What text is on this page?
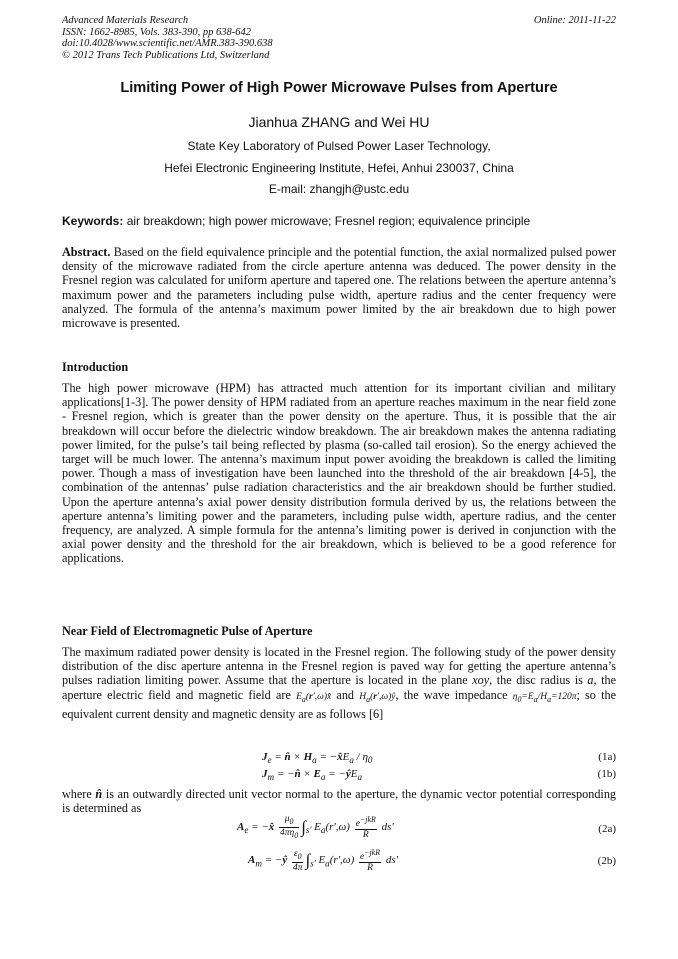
Advanced Materials Research
ISSN: 1662-8985, Vols. 383-390, pp 638-642
doi:10.4028/www.scientific.net/AMR.383-390.638
© 2012 Trans Tech Publications Ltd, Switzerland
Online: 2011-11-22
Limiting Power of High Power Microwave Pulses from Aperture
Jianhua ZHANG and Wei HU
State Key Laboratory of Pulsed Power Laser Technology,
Hefei Electronic Engineering Institute, Hefei, Anhui 230037, China
E-mail: zhangjh@ustc.edu
Keywords: air breakdown; high power microwave; Fresnel region; equivalence principle
Abstract. Based on the field equivalence principle and the potential function, the axial normalized pulsed power density of the microwave radiated from the circle aperture antenna was deduced. The power density in the Fresnel region was calculated for uniform aperture and tapered one. The relations between the aperture antenna’s maximum power and the parameters including pulse width, aperture radius and the center frequency were analyzed. The formula of the antenna’s maximum power limited by the air breakdown due to high power microwave is presented.
Introduction
The high power microwave (HPM) has attracted much attention for its important civilian and military applications[1-3]. The power density of HPM radiated from an aperture reaches maximum in the near field zone - Fresnel region, which is greater than the power density on the aperture. Thus, it is possible that the air breakdown will occur before the dielectric window breakdown. The air breakdown makes the antenna radiating power limited, for the pulse’s tail being reflected by plasma (so-called tail erosion). So the energy achieved the target will be much lower. The antenna’s maximum input power avoiding the breakdown is called the limiting power. Though a mass of investigation have been launched into the threshold of the air breakdown [4-5], the combination of the antennas’ pulse radiation characteristics and the air breakdown should be further studied. Upon the aperture antenna’s axial power density distribution formula derived by us, the relations between the aperture antenna’s limiting power and the parameters, including pulse width, aperture radius, and the center frequency, are analyzed. A simple formula for the antenna’s limiting power is derived in conjunction with the axial power density and the threshold for the air breakdown, which is believed to be a good reference for applications.
Near Field of Electromagnetic Pulse of Aperture
The maximum radiated power density is located in the Fresnel region. The following study of the power density distribution of the disc aperture antenna in the Fresnel region is paved way for getting the aperture antenna’s pulses radiation limiting power. Assume that the aperture is located in the plane xoy, the disc radius is a, the aperture electric field and magnetic field are $E_a(r',\omega)x̂$ and $H_a(r',\omega)ŷ$, the wave impedance $\eta_0=E_a/H_a=120\pi$; so the equivalent current density and magnetic density are as follows [6]
$J_e$ = n̂ × $H_a$ = $-x̂E_a / \eta_0$	(1a)
$J_m$ = −n̂ × $E_a$ = $-ŷE_a$	(1b)
where n̂ is an outwardly directed unit vector normal to the aperture, the dynamic vector potential corresponding is determined as
$A_e$ = −x̂ $\frac{\mu_0}{4\pi\eta_0} \int_{s'}$ $E_a(r',\omega) \frac{e^{-jkR}}{R} ds'$	(2a)
$A_m$ = −ŷ $\frac{\varepsilon_0}{4\pi} \int_{s'}$ $E_a(r',\omega) \frac{e^{-jkR}}{R} ds'$	(2b)
